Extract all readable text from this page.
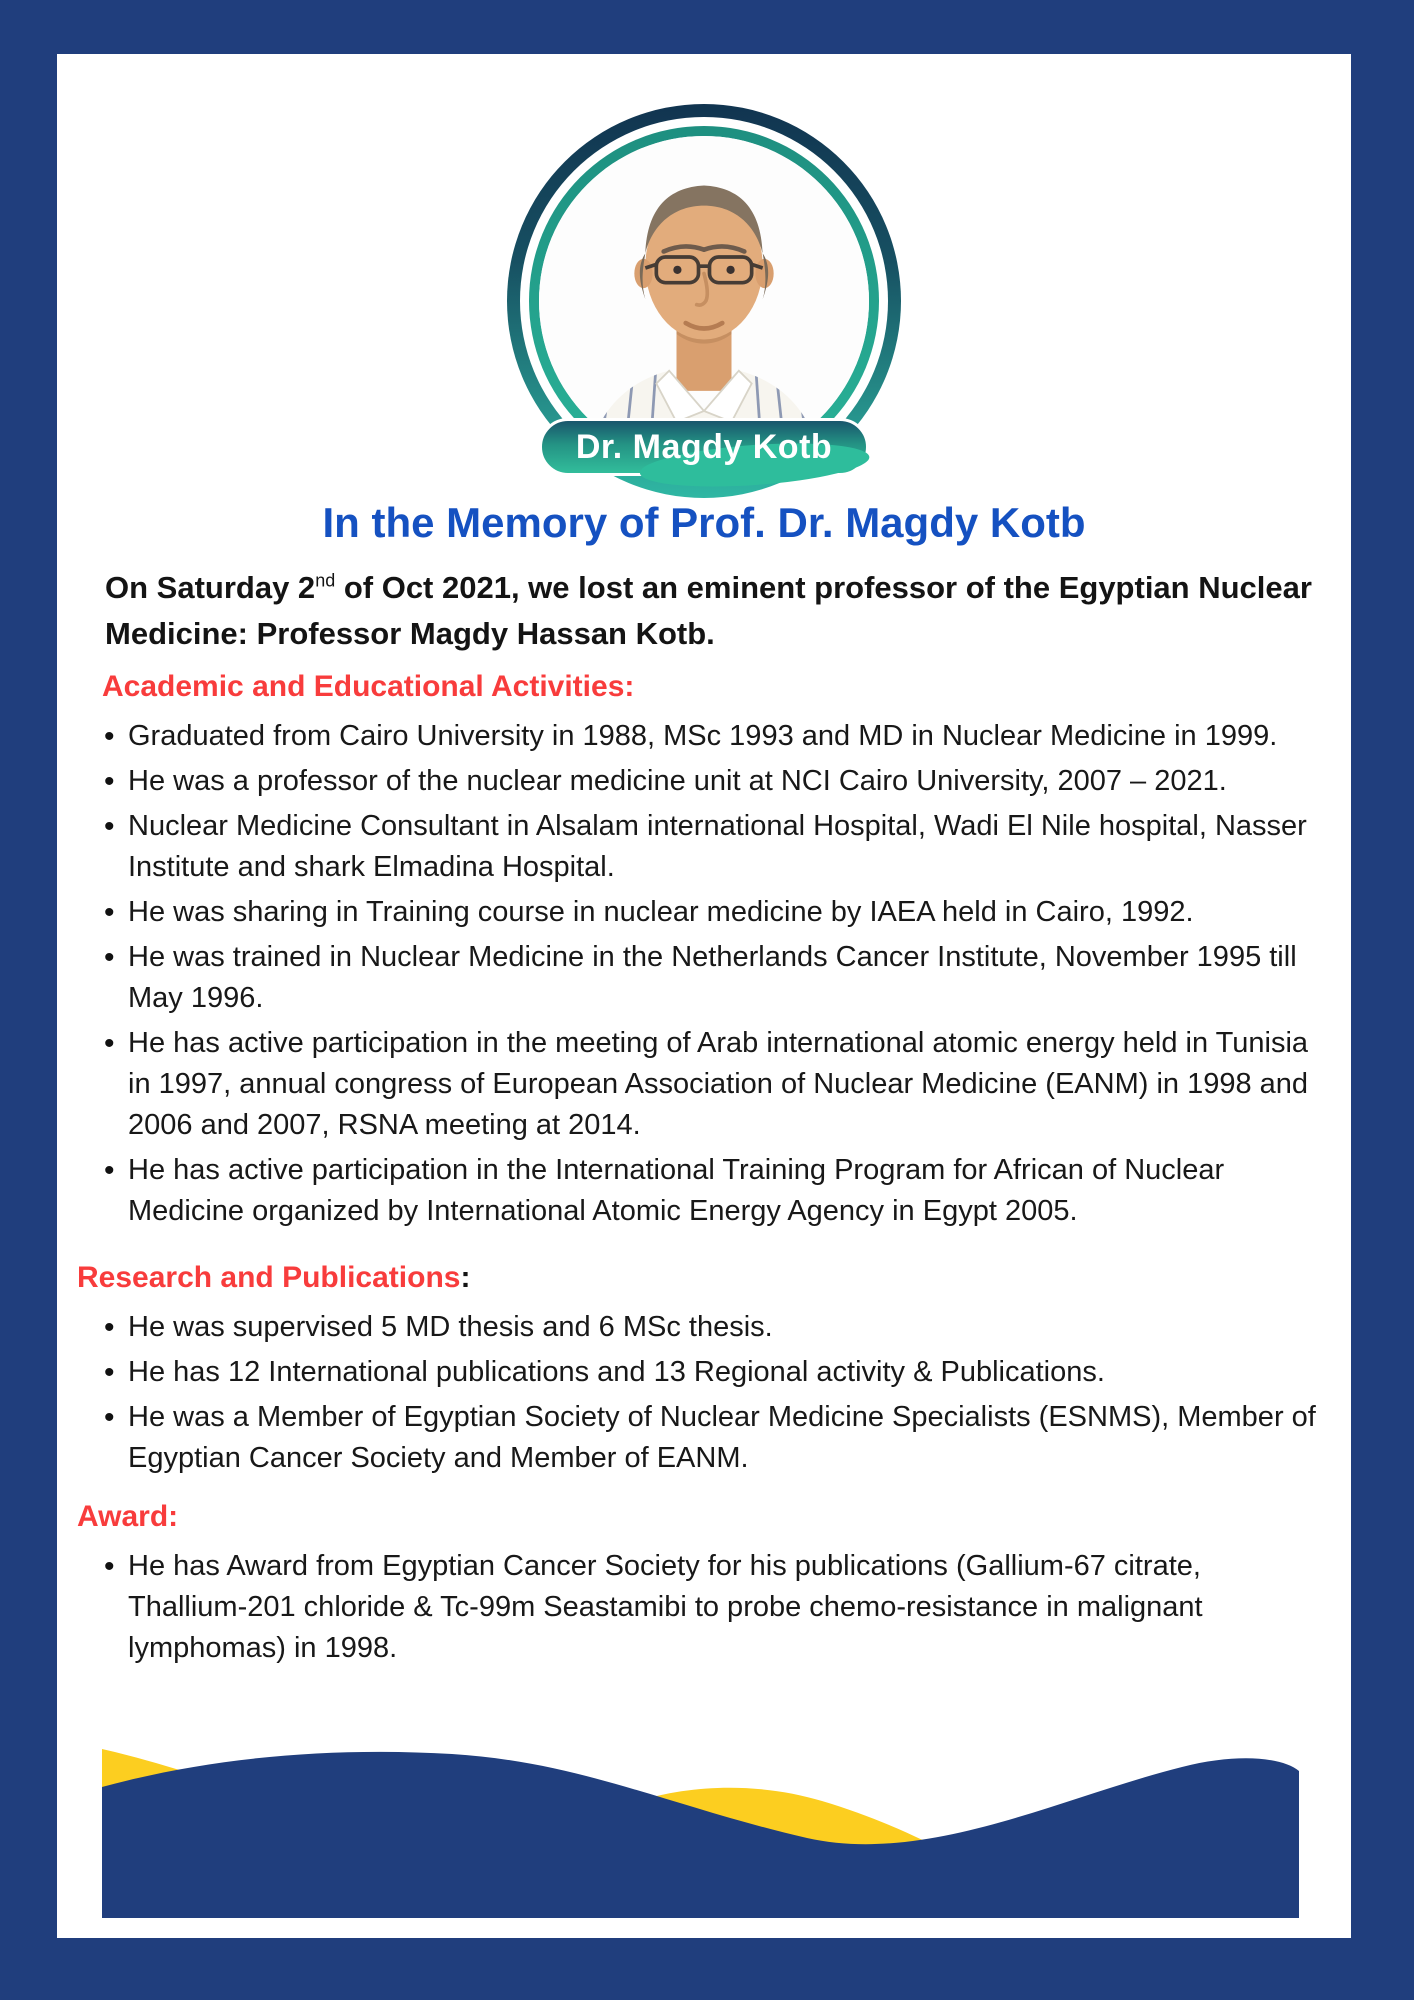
Dr. Magdy Kotb
In the Memory of Prof. Dr. Magdy Kotb

On Saturday 2nd of Oct 2021, we lost an eminent professor of the Egyptian Nuclear Medicine: Professor Magdy Hassan Kotb.

Academic and Educational Activities:
• Graduated from Cairo University in 1988, MSc 1993 and MD in Nuclear Medicine in 1999.
• He was a professor of the nuclear medicine unit at NCI Cairo University, 2007 – 2021.
• Nuclear Medicine Consultant in Alsalam international Hospital, Wadi El Nile hospital, Nasser Institute and shark Elmadina Hospital.
• He was sharing in Training course in nuclear medicine by IAEA held in Cairo, 1992.
• He was trained in Nuclear Medicine in the Netherlands Cancer Institute, November 1995 till May 1996.
• He has active participation in the meeting of Arab international atomic energy held in Tunisia in 1997, annual congress of European Association of Nuclear Medicine (EANM) in 1998 and 2006 and 2007, RSNA meeting at 2014.
• He has active participation in the International Training Program for African of Nuclear Medicine organized by International Atomic Energy Agency in Egypt 2005.
Research and Publications:
• He was supervised 5 MD thesis and 6 MSc thesis.
• He has 12 International publications and 13 Regional activity & Publications.
• He was a Member of Egyptian Society of Nuclear Medicine Specialists (ESNMS), Member of Egyptian Cancer Society and Member of EANM.
Award:
• He has Award from Egyptian Cancer Society for his publications (Gallium-67 citrate, Thallium-201 chloride & Tc-99m Seastamibi to probe chemo-resistance in malignant lymphomas) in 1998.
